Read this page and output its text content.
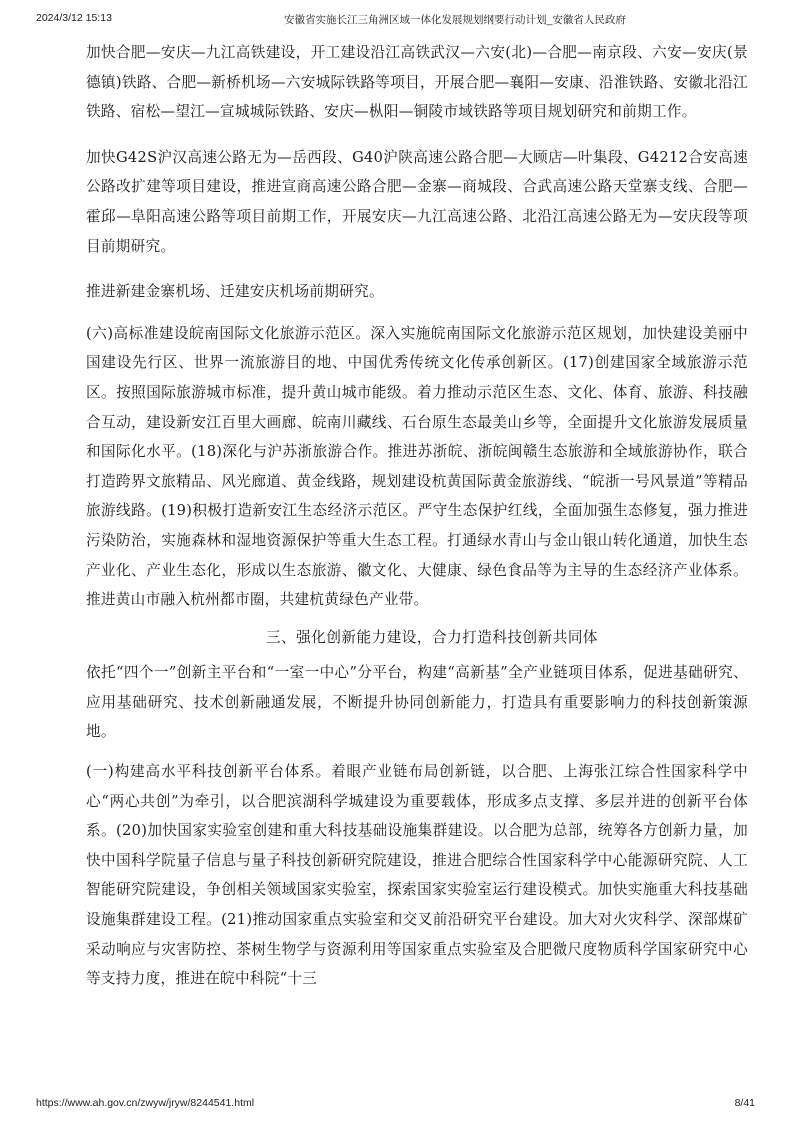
2024/3/12 15:13	安徽省实施长江三角洲区域一体化发展规划纲要行动计划_安徽省人民政府

加快合肥—安庆—九江高铁建设，开工建设沿江高铁武汉—六安(北)—合肥—南京段、六安—安庆(景德镇)铁路、合肥—新桥机场—六安城际铁路等项目，开展合肥—襄阳—安康、沿淮铁路、安徽北沿江铁路、宿松—望江—宣城城际铁路、安庆—枞阳—铜陵市域铁路等项目规划研究和前期工作。

加快G42S沪汉高速公路无为—岳西段、G40沪陕高速公路合肥—大顾店—叶集段、G4212合安高速公路改扩建等项目建设，推进宣商高速公路合肥—金寨—商城段、合武高速公路天堂寨支线、合肥—霍邱—阜阳高速公路等项目前期工作，开展安庆—九江高速公路、北沿江高速公路无为—安庆段等项目前期研究。

推进新建金寨机场、迁建安庆机场前期研究。

(六)高标准建设皖南国际文化旅游示范区。深入实施皖南国际文化旅游示范区规划，加快建设美丽中国建设先行区、世界一流旅游目的地、中国优秀传统文化传承创新区。(17)创建国家全域旅游示范区。按照国际旅游城市标准，提升黄山城市能级。着力推动示范区生态、文化、体育、旅游、科技融合互动，建设新安江百里大画廊、皖南川藏线、石台原生态最美山乡等，全面提升文化旅游发展质量和国际化水平。(18)深化与沪苏浙旅游合作。推进苏浙皖、浙皖闽赣生态旅游和全域旅游协作，联合打造跨界文旅精品、风光廊道、黄金线路，规划建设杭黄国际黄金旅游线、“皖浙一号风景道”等精品旅游线路。(19)积极打造新安江生态经济示范区。严守生态保护红线，全面加强生态修复，强力推进污染防治，实施森林和湿地资源保护等重大生态工程。打通绿水青山与金山银山转化通道，加快生态产业化、产业生态化，形成以生态旅游、徽文化、大健康、绿色食品等为主导的生态经济产业体系。推进黄山市融入杭州都市圈，共建杭黄绿色产业带。

三、强化创新能力建设，合力打造科技创新共同体

依托“四个一”创新主平台和“一室一中心”分平台，构建“高新基”全产业链项目体系，促进基础研究、应用基础研究、技术创新融通发展，不断提升协同创新能力，打造具有重要影响力的科技创新策源地。

(一)构建高水平科技创新平台体系。着眼产业链布局创新链，以合肥、上海张江综合性国家科学中心“两心共创”为牵引，以合肥滨湖科学城建设为重要载体，形成多点支撑、多层并进的创新平台体系。(20)加快国家实验室创建和重大科技基础设施集群建设。以合肥为总部，统筹各方创新力量，加快中国科学院量子信息与量子科技创新研究院建设，推进合肥综合性国家科学中心能源研究院、人工智能研究院建设，争创相关领域国家实验室，探索国家实验室运行建设模式。加快实施重大科技基础设施集群建设工程。(21)推动国家重点实验室和交叉前沿研究平台建设。加大对火灾科学、深部煤矿采动响应与灾害防控、茶树生物学与资源利用等国家重点实验室及合肥微尺度物质科学国家研究中心等支持力度，推进在皖中科院“十三

https://www.ah.gov.cn/zwyw/jryw/8244541.html	8/41
